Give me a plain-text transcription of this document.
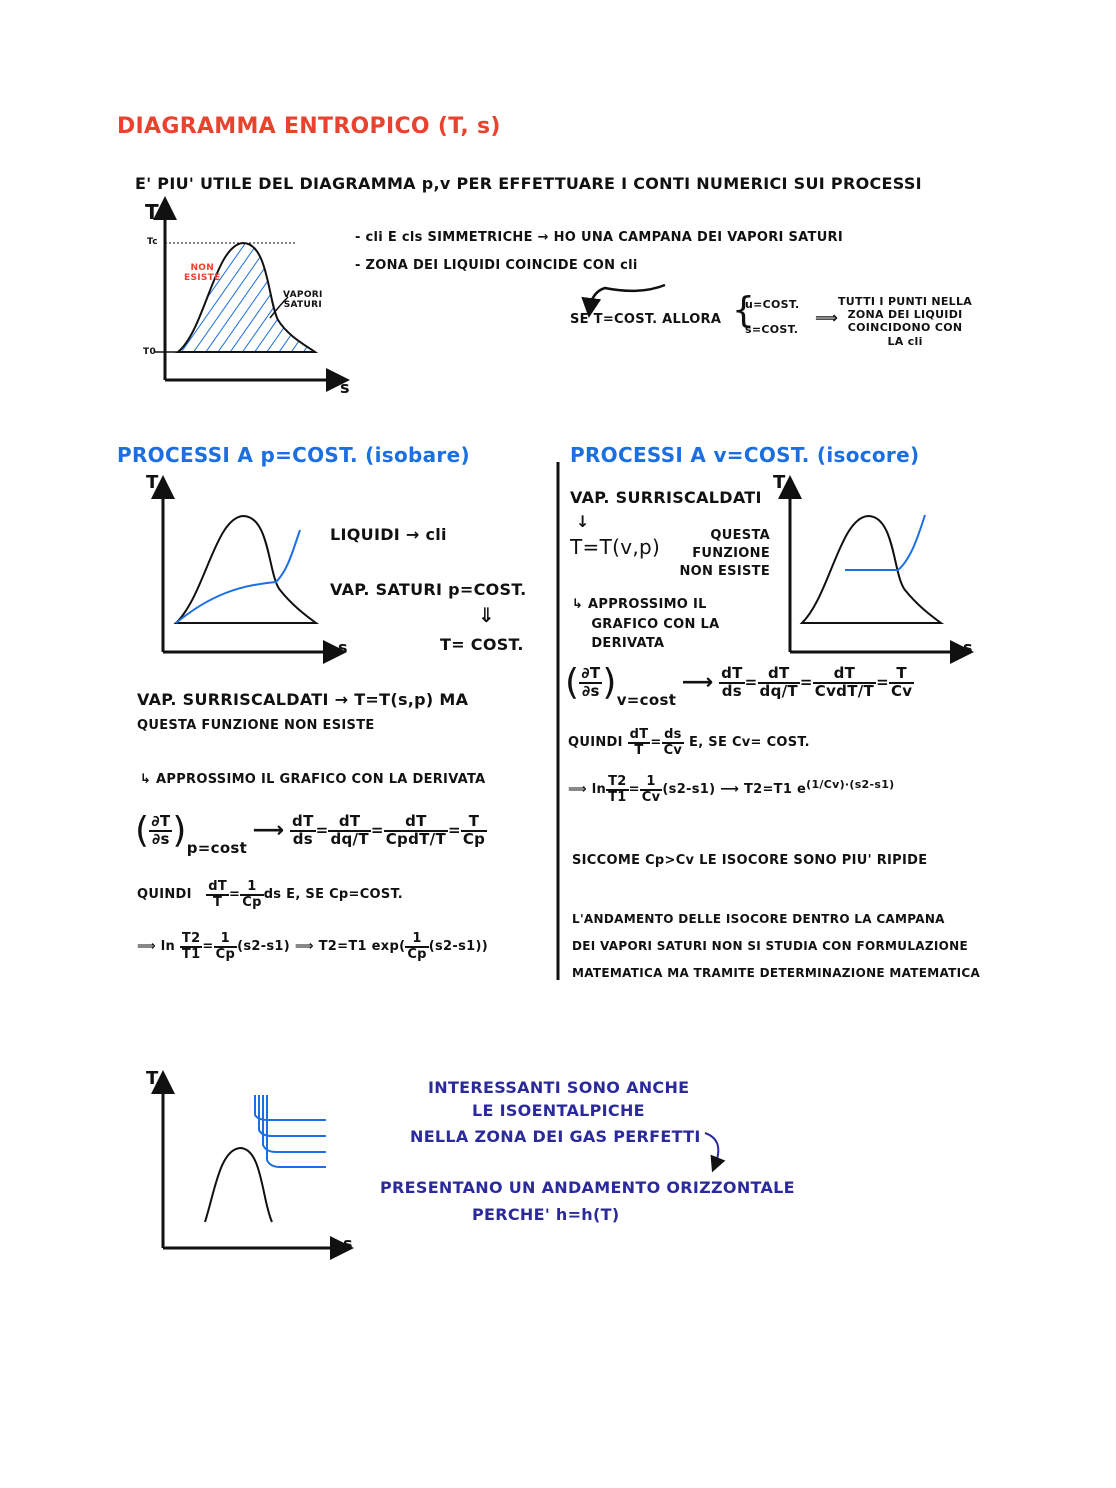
DIAGRAMMA ENTROPICO (T, s)
E' PIU' UTILE DEL DIAGRAMMA p,v PER EFFETTUARE I CONTI NUMERICI SUI PROCESSI
T
s
Tc
T0
NON
ESISTE
VAPORI
SATURI
- cli E cls SIMMETRICHE → HO UNA CAMPANA DEI VAPORI SATURI
- ZONA DEI LIQUIDI COINCIDE CON cli
SE T=COST. ALLORA {
u=COST.
s=COST.
⟹
TUTTI I PUNTI NELLA
ZONA DEI LIQUIDI
COINCIDONO CON
LA cli
PROCESSI A p=COST. (isobare)
T
s
LIQUIDI → cli
VAP. SATURI p=COST.
⇓
T= COST.
VAP. SURRISCALDATI → T=T(s,p) MA
QUESTA FUNZIONE NON ESISTE
↳ APPROSSIMO IL GRAFICO CON LA DERIVATA
( $\frac{\partial T}{\partial s} )p=\cos t$ ⟶ $\frac{dT}{ds} = \frac{dT}{dq/T} = \frac{dT}{\text{CpdT/T}} = \frac{T}{Cp}$
QUINDI $\frac{dT}{T} = \frac{1}{Cp}$ ds E, SE Cp=COST.
⟹ $\ln \frac{T2}{T1} = \frac{1}{Cp} (s2-s1)$ ⟹ T2=T1 $\exp( \frac{1}{Cp} (s2-s1))$
PROCESSI A v=COST. (isocore)
T
s
VAP. SURRISCALDATI
↓
T=T(v,p)	QUESTA
FUNZIONE
NON ESISTE
↳ APPROSSIMO IL
GRAFICO CON LA
DERIVATA
( $\frac{\partial T}{\partial s} )v=\cos t$ ⟶ $\frac{dT}{ds} = \frac{dT}{dq/T} = \frac{dT}{\text{CvdT/T}} = \frac{T}{Cv}$
QUINDI $\frac{dT}{T} = \frac{ds}{Cv} E$, SE Cv= COST.
⟹ $\ln \frac{T2}{T1} = \frac{1}{Cv} (s2-s1)$ ⟶ T2=T1 $e^{(1/Cv)\cdot(s2-s1)}$
SICCOME Cp>Cv LE ISOCORE SONO PIU' RIPIDE
L'ANDAMENTO DELLE ISOCORE DENTRO LA CAMPANA
DEI VAPORI SATURI NON SI STUDIA CON FORMULAZIONE
MATEMATICA MA TRAMITE DETERMINAZIONE MATEMATICA
T
s
INTERESSANTI SONO ANCHE
LE ISOENTALPICHE
NELLA ZONA DEI GAS PERFETTI
PRESENTANO UN ANDAMENTO ORIZZONTALE
PERCHE' h=h(T)
